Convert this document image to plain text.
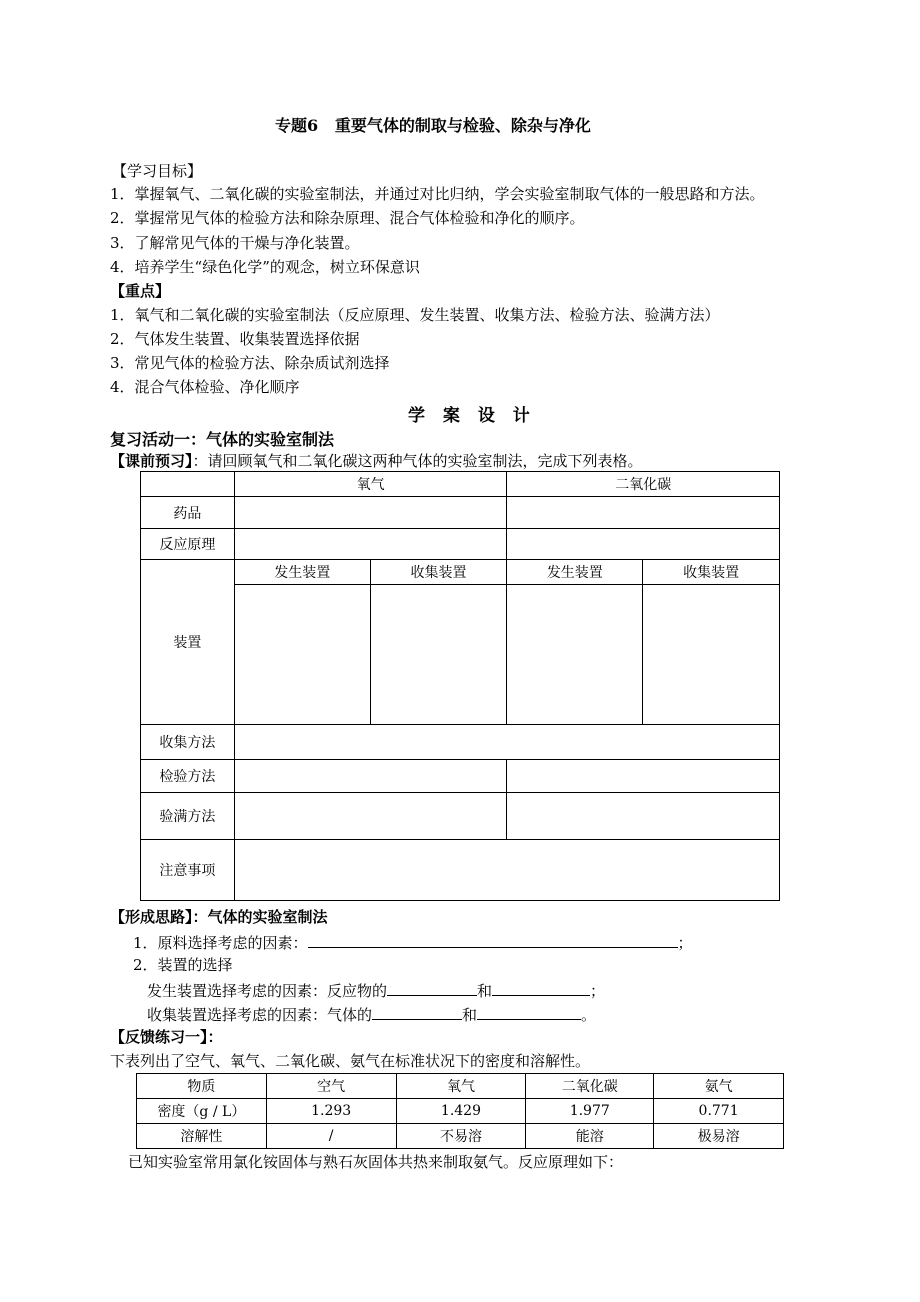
专题6   重要气体的制取与检验、除杂与净化
【学习目标】
1．掌握氧气、二氧化碳的实验室制法，并通过对比归纳，学会实验室制取气体的一般思路和方法。
2．掌握常见气体的检验方法和除杂原理、混合气体检验和净化的顺序。
3．了解常见气体的干燥与净化装置。
4．培养学生“绿色化学”的观念，树立环保意识
【重点】
1．氧气和二氧化碳的实验室制法（反应原理、发生装置、收集方法、检验方法、验满方法）
2．气体发生装置、收集装置选择依据
3．常见气体的检验方法、除杂质试剂选择
4．混合气体检验、净化顺序
学 案 设 计
复习活动一：气体的实验室制法
【课前预习】：请回顾氧气和二氧化碳这两种气体的实验室制法，完成下列表格。
	氧气		二氧化碳	
药品				
反应原理				
装置	发生装置	收集装置	发生装置	收集装置

收集方法				
检验方法				
验满方法				
注意事项				
【形成思路】：气体的实验室制法
1．原料选择考虑的因素：	；
2．装置的选择
发生装置选择考虑的因素：反应物的	和	；
收集装置选择考虑的因素：气体的	和	。
【反馈练习一】：
下表列出了空气、氧气、二氧化碳、氨气在标准状况下的密度和溶解性。
物质	空气	氧气	二氧化碳	氨气
密度（g / L）	1.293	1.429	1.977	0.771
溶解性	/	不易溶	能溶	极易溶
已知实验室常用氯化铵固体与熟石灰固体共热来制取氨气。反应原理如下：
